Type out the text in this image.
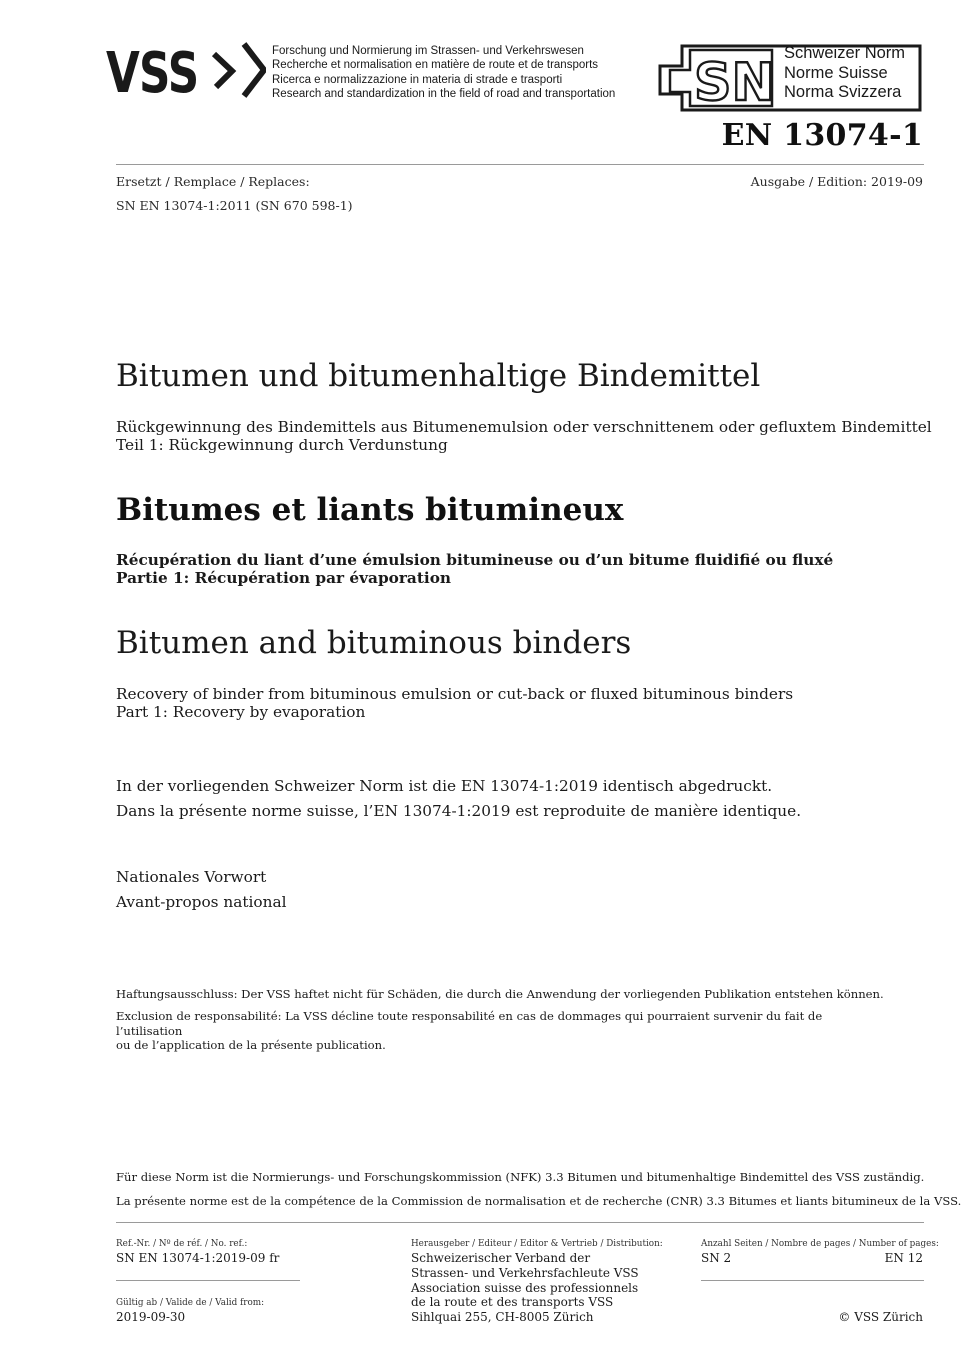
VSS	Forschung und Normierung im Strassen- und Verkehrswesen
Recherche et normalisation en matière de route et de transports
Ricerca e normalizzazione in materia di strade e trasporti
Research and standardization in the field of road and transportation SN Schweizer Norm
Norme Suisse
Norma Svizzera
EN 13074-1
Ersetzt / Remplace / Replaces:
SN EN 13074-1:2011 (SN 670 598-1)
Ausgabe / Edition: 2019-09
Bitumen und bitumenhaltige Bindemittel
Rückgewinnung des Bindemittels aus Bitumenemulsion oder verschnittenem oder gefluxtem Bindemittel
Teil 1: Rückgewinnung durch Verdunstung
Bitumes et liants bitumineux
Récupération du liant d’une émulsion bitumineuse ou d’un bitume fluidifié ou fluxé
Partie 1: Récupération par évaporation
Bitumen and bituminous binders
Recovery of binder from bituminous emulsion or cut-back or fluxed bituminous binders
Part 1: Recovery by evaporation
In der vorliegenden Schweizer Norm ist die EN 13074-1:2019 identisch abgedruckt.
Dans la présente norme suisse, l’EN 13074-1:2019 est reproduite de manière identique.
Nationales Vorwort
Avant-propos national
Haftungsausschluss: Der VSS haftet nicht für Schäden, die durch die Anwendung der vorliegenden Publikation entstehen können.
Exclusion de responsabilité: La VSS décline toute responsabilité en cas de dommages qui pourraient survenir du fait de l’utilisation
ou de l’application de la présente publication.
Für diese Norm ist die Normierungs- und Forschungskommission (NFK) 3.3 Bitumen und bitumenhaltige Bindemittel des VSS zuständig.
La présente norme est de la compétence de la Commission de normalisation et de recherche (CNR) 3.3 Bitumes et liants bitumineux de la VSS.
Ref.-Nr. / Nº de réf. / No. ref.:
SN EN 13074-1:2019-09 fr
Gültig ab / Valide de / Valid from:
2019-09-30
Herausgeber / Editeur / Editor & Vertrieb / Distribution:
Schweizerischer Verband der
Strassen- und Verkehrsfachleute VSS
Association suisse des professionnels
de la route et des transports VSS
Sihlquai 255, CH-8005 Zürich
Anzahl Seiten / Nombre de pages / Number of pages:
SN 2	EN 12
© VSS Zürich
